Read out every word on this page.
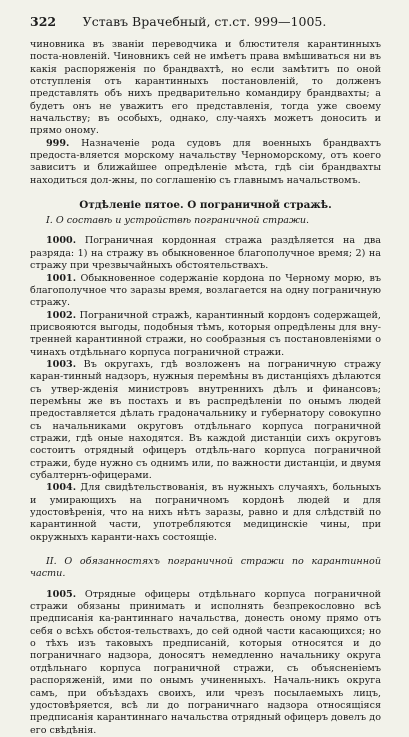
322	Уставъ Врачебный, ст.ст. 999—1005.

чиновника въ званіи переводчика и блюстителя карантинныхъ поста-новленій. Чиновникъ сей не имѣетъ права вмѣшиваться ни въ какія распоряженія по брандвахтѣ, но если замѣтитъ по оной отступленія отъ карантинныхъ постановленій, то долженъ представлять объ нихъ предварительно командиру брандвахты; а будетъ онъ не уважитъ его представленія, тогда уже своему начальству; въ особыхъ, однако, слу-чаяхъ можетъ доносить и прямо оному.

999. Назначеніе рода судовъ для военныхъ брандвахтъ предоста-вляется морскому начальству Черноморскому, отъ коего зависитъ и ближайшее опредѣленіе мѣста, гдѣ сіи брандвахты находиться дол-жны, по соглашенію съ главнымъ начальствомъ.

Отдѣленіе пятое. О пограничной стражѣ.

I. О составѣ и устройствѣ пограничной стражи.

1000. Пограничная кордонная стража раздѣляется на два разряда: 1) на стражу въ обыкновенное благополучное время; 2) на стражу при чрезвычайныхъ обстоятельствахъ.

1001. Обыкновенное содержаніе кордона по Черному морю, въ благополучное что заразы время, возлагается на одну пограничную стражу.

1002. Пограничной стражѣ, карантинный кордонъ содержащей, присвояются выгоды, подобныя тѣмъ, которыя опредѣлены для вну-тренней карантинной стражи, но сообразныя съ постановленіями о чинахъ отдѣльнаго корпуса пограничной стражи.

1003. Въ округахъ, гдѣ возложенъ на пограничную стражу каран-тинный надзоръ, нужныя перемѣны въ дистанціяхъ дѣлаются съ утвер-жденія министровъ внутреннихъ дѣлъ и финансовъ; перемѣны же въ постахъ и въ распредѣленіи по онымъ людей предоставляется дѣлать градоначальнику и губернатору совокупно съ начальниками округовъ отдѣльнаго корпуса пограничной стражи, гдѣ оные находятся. Въ каждой дистанціи сихъ округовъ состоитъ отрядный офицеръ отдѣль-наго корпуса пограничной стражи, буде нужно съ однимъ или, по важности дистанціи, и двумя субалтернъ-офицерами.

1004. Для свидѣтельствованія, въ нужныхъ случаяхъ, больныхъ и умирающихъ на пограничномъ кордонѣ людей и для удостовѣренія, что на нихъ нѣтъ заразы, равно и для слѣдствій по карантинной части, употребляются медицинскіе чины, при окружныхъ каранти-нахъ состоящіе.

II. О обязанностяхъ пограничной стражи по карантинной части.

1005. Отрядные офицеры отдѣльнаго корпуса пограничной стражи обязаны принимать и исполнять безпрекословно всѣ предписанія ка-рантиннаго начальства, донесть оному прямо отъ себя о всѣхъ обстоя-тельствахъ, до сей одной части касающихся; но о тѣхъ изъ таковыхъ предписаній, которыя относятся и до пограничнаго надзора, доносятъ немедленно начальнику округа отдѣльнаго корпуса пограничной стражи, съ объясненіемъ распоряженій, ими по онымъ учиненныхъ. Началь-никъ округа самъ, при объѣздахъ своихъ, или чрезъ посылаемыхъ лицъ, удостовѣряется, всѣ ли до пограничнаго надзора относящіяся предписанія карантиннаго начальства отрядный офицеръ довелъ до его свѣдѣнія.
